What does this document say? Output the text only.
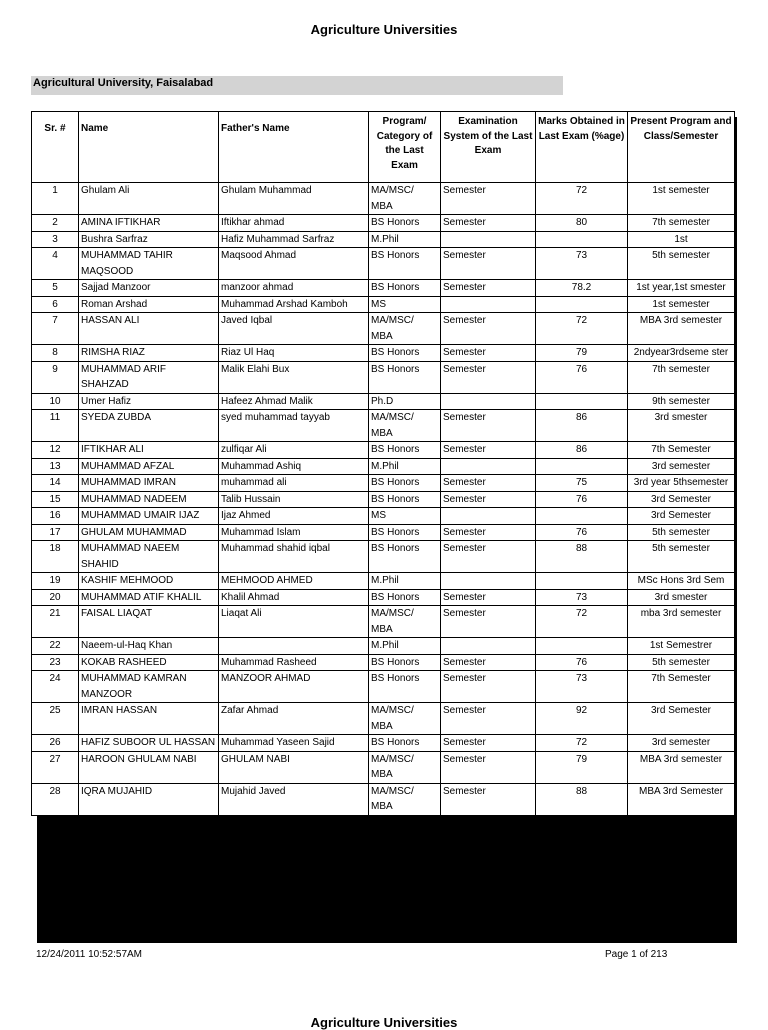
Agriculture Universities
Agricultural University, Faisalabad
Sr. #	Name	Father's Name	Program/ Category of the Last Exam	Examination System of the Last Exam	Marks Obtained in Last Exam (%age)	Present Program and Class/Semester
1	Ghulam Ali	Ghulam Muhammad	MA/MSC/ MBA	Semester	72	1st semester
2	AMINA IFTIKHAR	Iftikhar ahmad	BS Honors	Semester	80	7th semester
3	Bushra Sarfraz	Hafiz Muhammad Sarfraz	M.Phil			1st
4	MUHAMMAD TAHIR MAQSOOD	Maqsood Ahmad	BS Honors	Semester	73	5th semester
5	Sajjad Manzoor	manzoor ahmad	BS Honors	Semester	78.2	1st year,1st smester
6	Roman Arshad	Muhammad Arshad Kamboh	MS			1st semester
7	HASSAN ALI	Javed Iqbal	MA/MSC/ MBA	Semester	72	MBA 3rd semester
8	RIMSHA RIAZ	Riaz Ul Haq	BS Honors	Semester	79	2ndyear3rdseme ster
9	MUHAMMAD ARIF SHAHZAD	Malik Elahi Bux	BS Honors	Semester	76	7th semester
10	Umer Hafiz	Hafeez Ahmad Malik	Ph.D			9th semester
11	SYEDA ZUBDA	syed muhammad tayyab	MA/MSC/ MBA	Semester	86	3rd smester
12	IFTIKHAR ALI	zulfiqar Ali	BS Honors	Semester	86	7th Semester
13	MUHAMMAD AFZAL	Muhammad Ashiq	M.Phil			3rd semester
14	MUHAMMAD IMRAN	muhammad ali	BS Honors	Semester	75	3rd year 5thsemester
15	MUHAMMAD NADEEM	Talib Hussain	BS Honors	Semester	76	3rd Semester
16	MUHAMMAD UMAIR IJAZ	Ijaz Ahmed	MS			3rd Semester
17	GHULAM MUHAMMAD	Muhammad Islam	BS Honors	Semester	76	5th semester
18	MUHAMMAD NAEEM SHAHID	Muhammad shahid iqbal	BS Honors	Semester	88	5th semester
19	KASHIF MEHMOOD	MEHMOOD AHMED	M.Phil			MSc Hons 3rd Sem
20	MUHAMMAD ATIF KHALIL	Khalil Ahmad	BS Honors	Semester	73	3rd smester
21	FAISAL LIAQAT	Liaqat Ali	MA/MSC/ MBA	Semester	72	mba 3rd semester
22	Naeem-ul-Haq Khan		M.Phil			1st Semestrer
23	KOKAB RASHEED	Muhammad Rasheed	BS Honors	Semester	76	5th semester
24	MUHAMMAD KAMRAN MANZOOR	MANZOOR AHMAD	BS Honors	Semester	73	7th Semester
25	IMRAN HASSAN	Zafar Ahmad	MA/MSC/ MBA	Semester	92	3rd Semester
26	HAFIZ SUBOOR UL HASSAN	Muhammad Yaseen Sajid	BS Honors	Semester	72	3rd semester
27	HAROON GHULAM NABI	GHULAM NABI	MA/MSC/ MBA	Semester	79	MBA 3rd semester
28	IQRA MUJAHID	Mujahid Javed	MA/MSC/ MBA	Semester	88	MBA 3rd Semester
12/24/2011 10:52:57AM	Page 1 of 213
Agriculture Universities
